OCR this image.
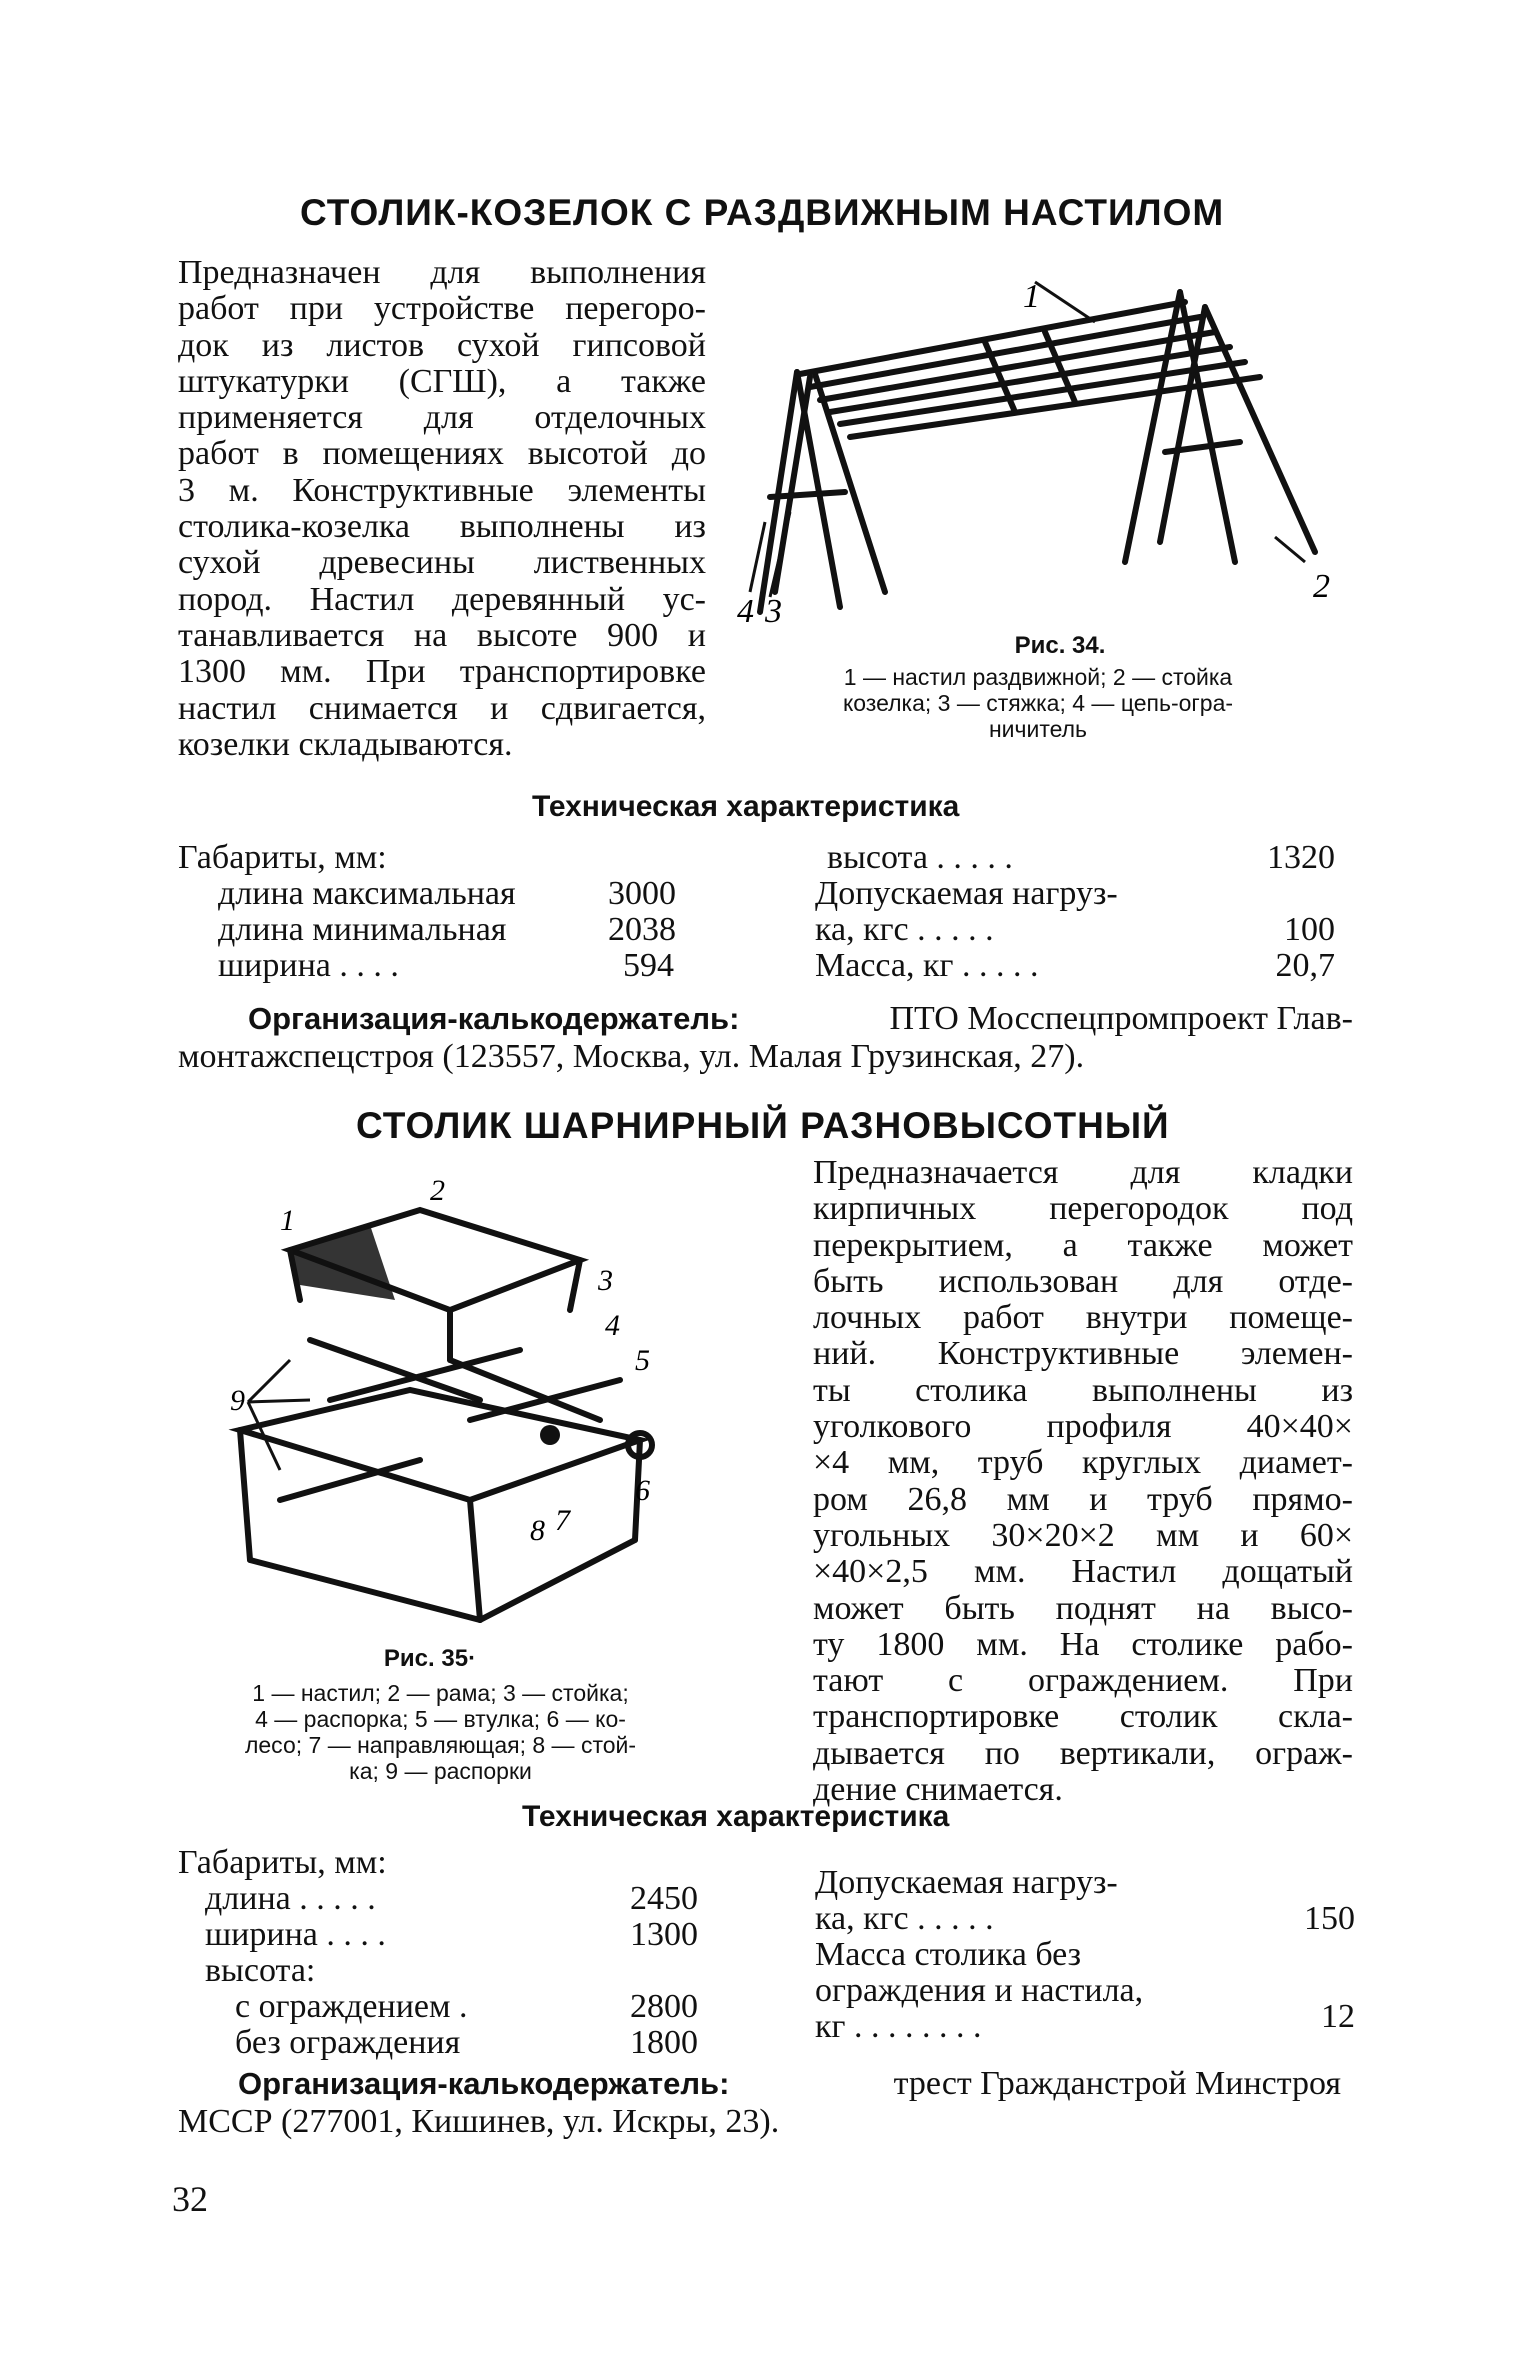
СТОЛИК-КОЗЕЛОК С РАЗДВИЖНЫМ НАСТИЛОМ
Предназначен для выполнения
работ при устройстве перегоро-
док из листов сухой гипсовой
штукатурки (СГШ), а также
применяется для отделочных
работ в помещениях высотой до
3 м. Конструктивные элементы
столика-козелка выполнены из
сухой древесины лиственных
пород. Настил деревянный ус-
танавливается на высоте 900 и
1300 мм. При транспортировке
настил снимается и сдвигается,
козелки складываются.
1
2
3
4
Рис. 34.
1 — настил раздвижной; 2 — стойка
козелка; 3 — стяжка; 4 — цепь-огра-
ничитель
Техническая характеристика
Габариты, мм:
длина максимальная	3000
длина минимальная	2038
ширина . . . .	594
высота . . . . .	1320
Допускаемая нагруз-
ка, кгс . . . . .	100
Масса, кг . . . . .	20,7
Организация-калькодержатель:	ПТО Мосспецпромпроект Глав-
монтажспецстроя (123557, Москва, ул. Малая Грузинская, 27).
СТОЛИК ШАРНИРНЫЙ РАЗНОВЫСОТНЫЙ
Предназначается для кладки
кирпичных перегородок под
перекрытием, а также может
быть использован для отде-
лочных работ внутри помеще-
ний. Конструктивные элемен-
ты столика выполнены из
уголкового профиля 40×40×
×4 мм, труб круглых диамет-
ром 26,8 мм и труб прямо-
угольных 30×20×2 мм и 60×
×40×2,5 мм. Настил дощатый
может быть поднят на высо-
ту 1800 мм. На столике рабо-
тают с ограждением. При
транспортировке столик скла-
дывается по вертикали, ограж-
дение снимается.
1
2
3
4
5
6
7
8
9
Рис. 35·
1 — настил; 2 — рама; 3 — стойка;
4 — распорка; 5 — втулка; 6 — ко-
лесо; 7 — направляющая; 8 — стой-
ка; 9 — распорки
Техническая характеристика
Габариты, мм:
длина . . . . .	2450
ширина . . . .	1300
высота:
с ограждением .	2800
без ограждения	1800
Допускаемая нагруз-
ка, кгс . . . . .	150
Масса столика без
ограждения и настила,
кг . . . . . . . .	12
Организация-калькодержатель:	трест Гражданстрой Минстроя
МССР (277001, Кишинев, ул. Искры, 23).
32
